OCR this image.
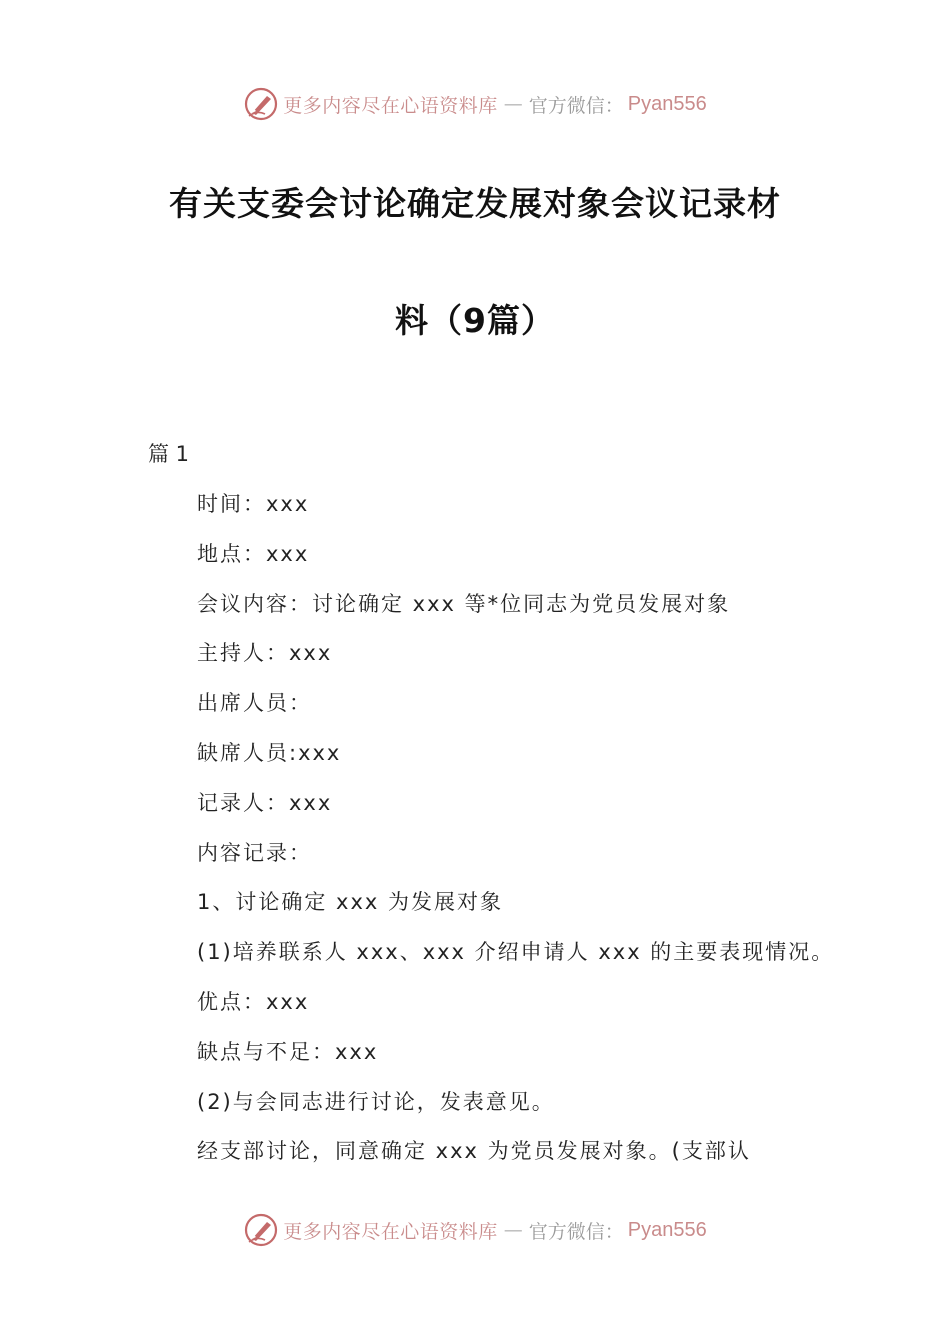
更多内容尽在心语资料库 — 官方微信： Pyan556
有关支委会讨论确定发展对象会议记录材
料（9篇）
篇 1
时间：xxx
地点：xxx
会议内容：讨论确定 xxx 等*位同志为党员发展对象
主持人：xxx
出席人员：
缺席人员:xxx
记录人：xxx
内容记录：
1、讨论确定 xxx 为发展对象
(1)培养联系人 xxx、xxx 介绍申请人 xxx 的主要表现情况。
优点：xxx
缺点与不足：xxx
(2)与会同志进行讨论，发表意见。
经支部讨论，同意确定 xxx 为党员发展对象。(支部认
更多内容尽在心语资料库 — 官方微信： Pyan556
